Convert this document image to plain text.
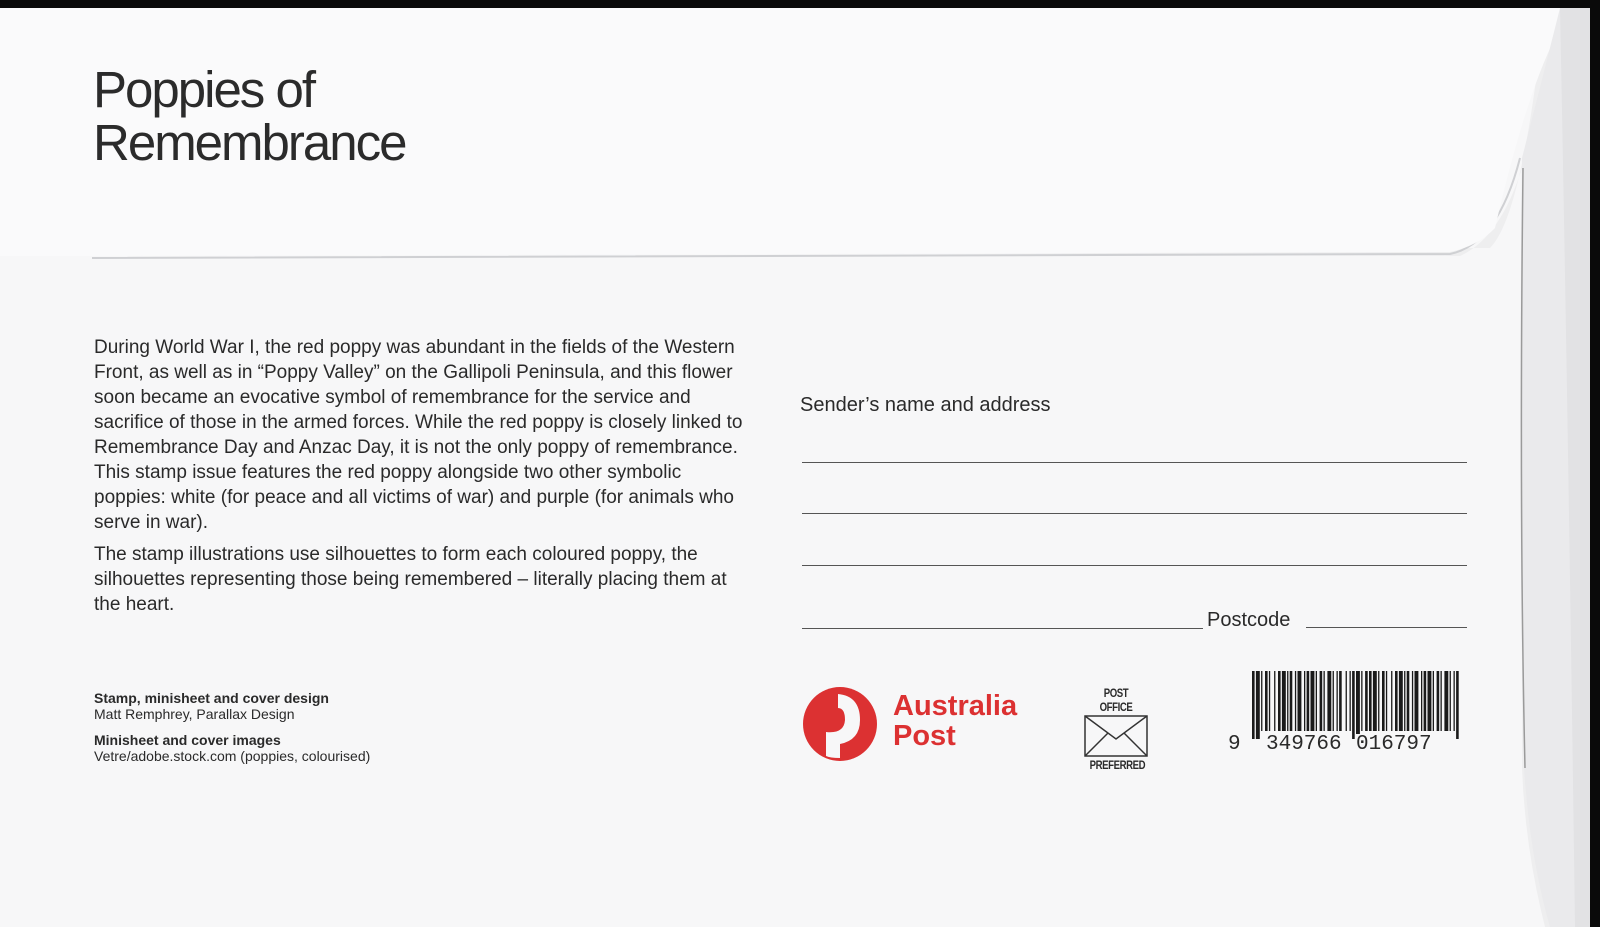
Poppies of
Remembrance

During World War I, the red poppy was abundant in the fields of the Western Front, as well as in “Poppy Valley” on the Gallipoli Peninsula, and this flower soon became an evocative symbol of remembrance for the service and sacrifice of those in the armed forces. While the red poppy is closely linked to Remembrance Day and Anzac Day, it is not the only poppy of remembrance. This stamp issue features the red poppy alongside two other symbolic poppies: white (for peace and all victims of war) and purple (for animals who serve in war).

The stamp illustrations use silhouettes to form each coloured poppy, the silhouettes representing those being remembered – literally placing them at the heart.

Stamp, minisheet and cover design
Matt Remphrey, Parallax Design
Minisheet and cover images
Vetre/adobe.stock.com (poppies, colourised)
Sender’s name and address
Postcode
Australia
Post
POST OFFICE
PREFERRED
9 349766 016797
